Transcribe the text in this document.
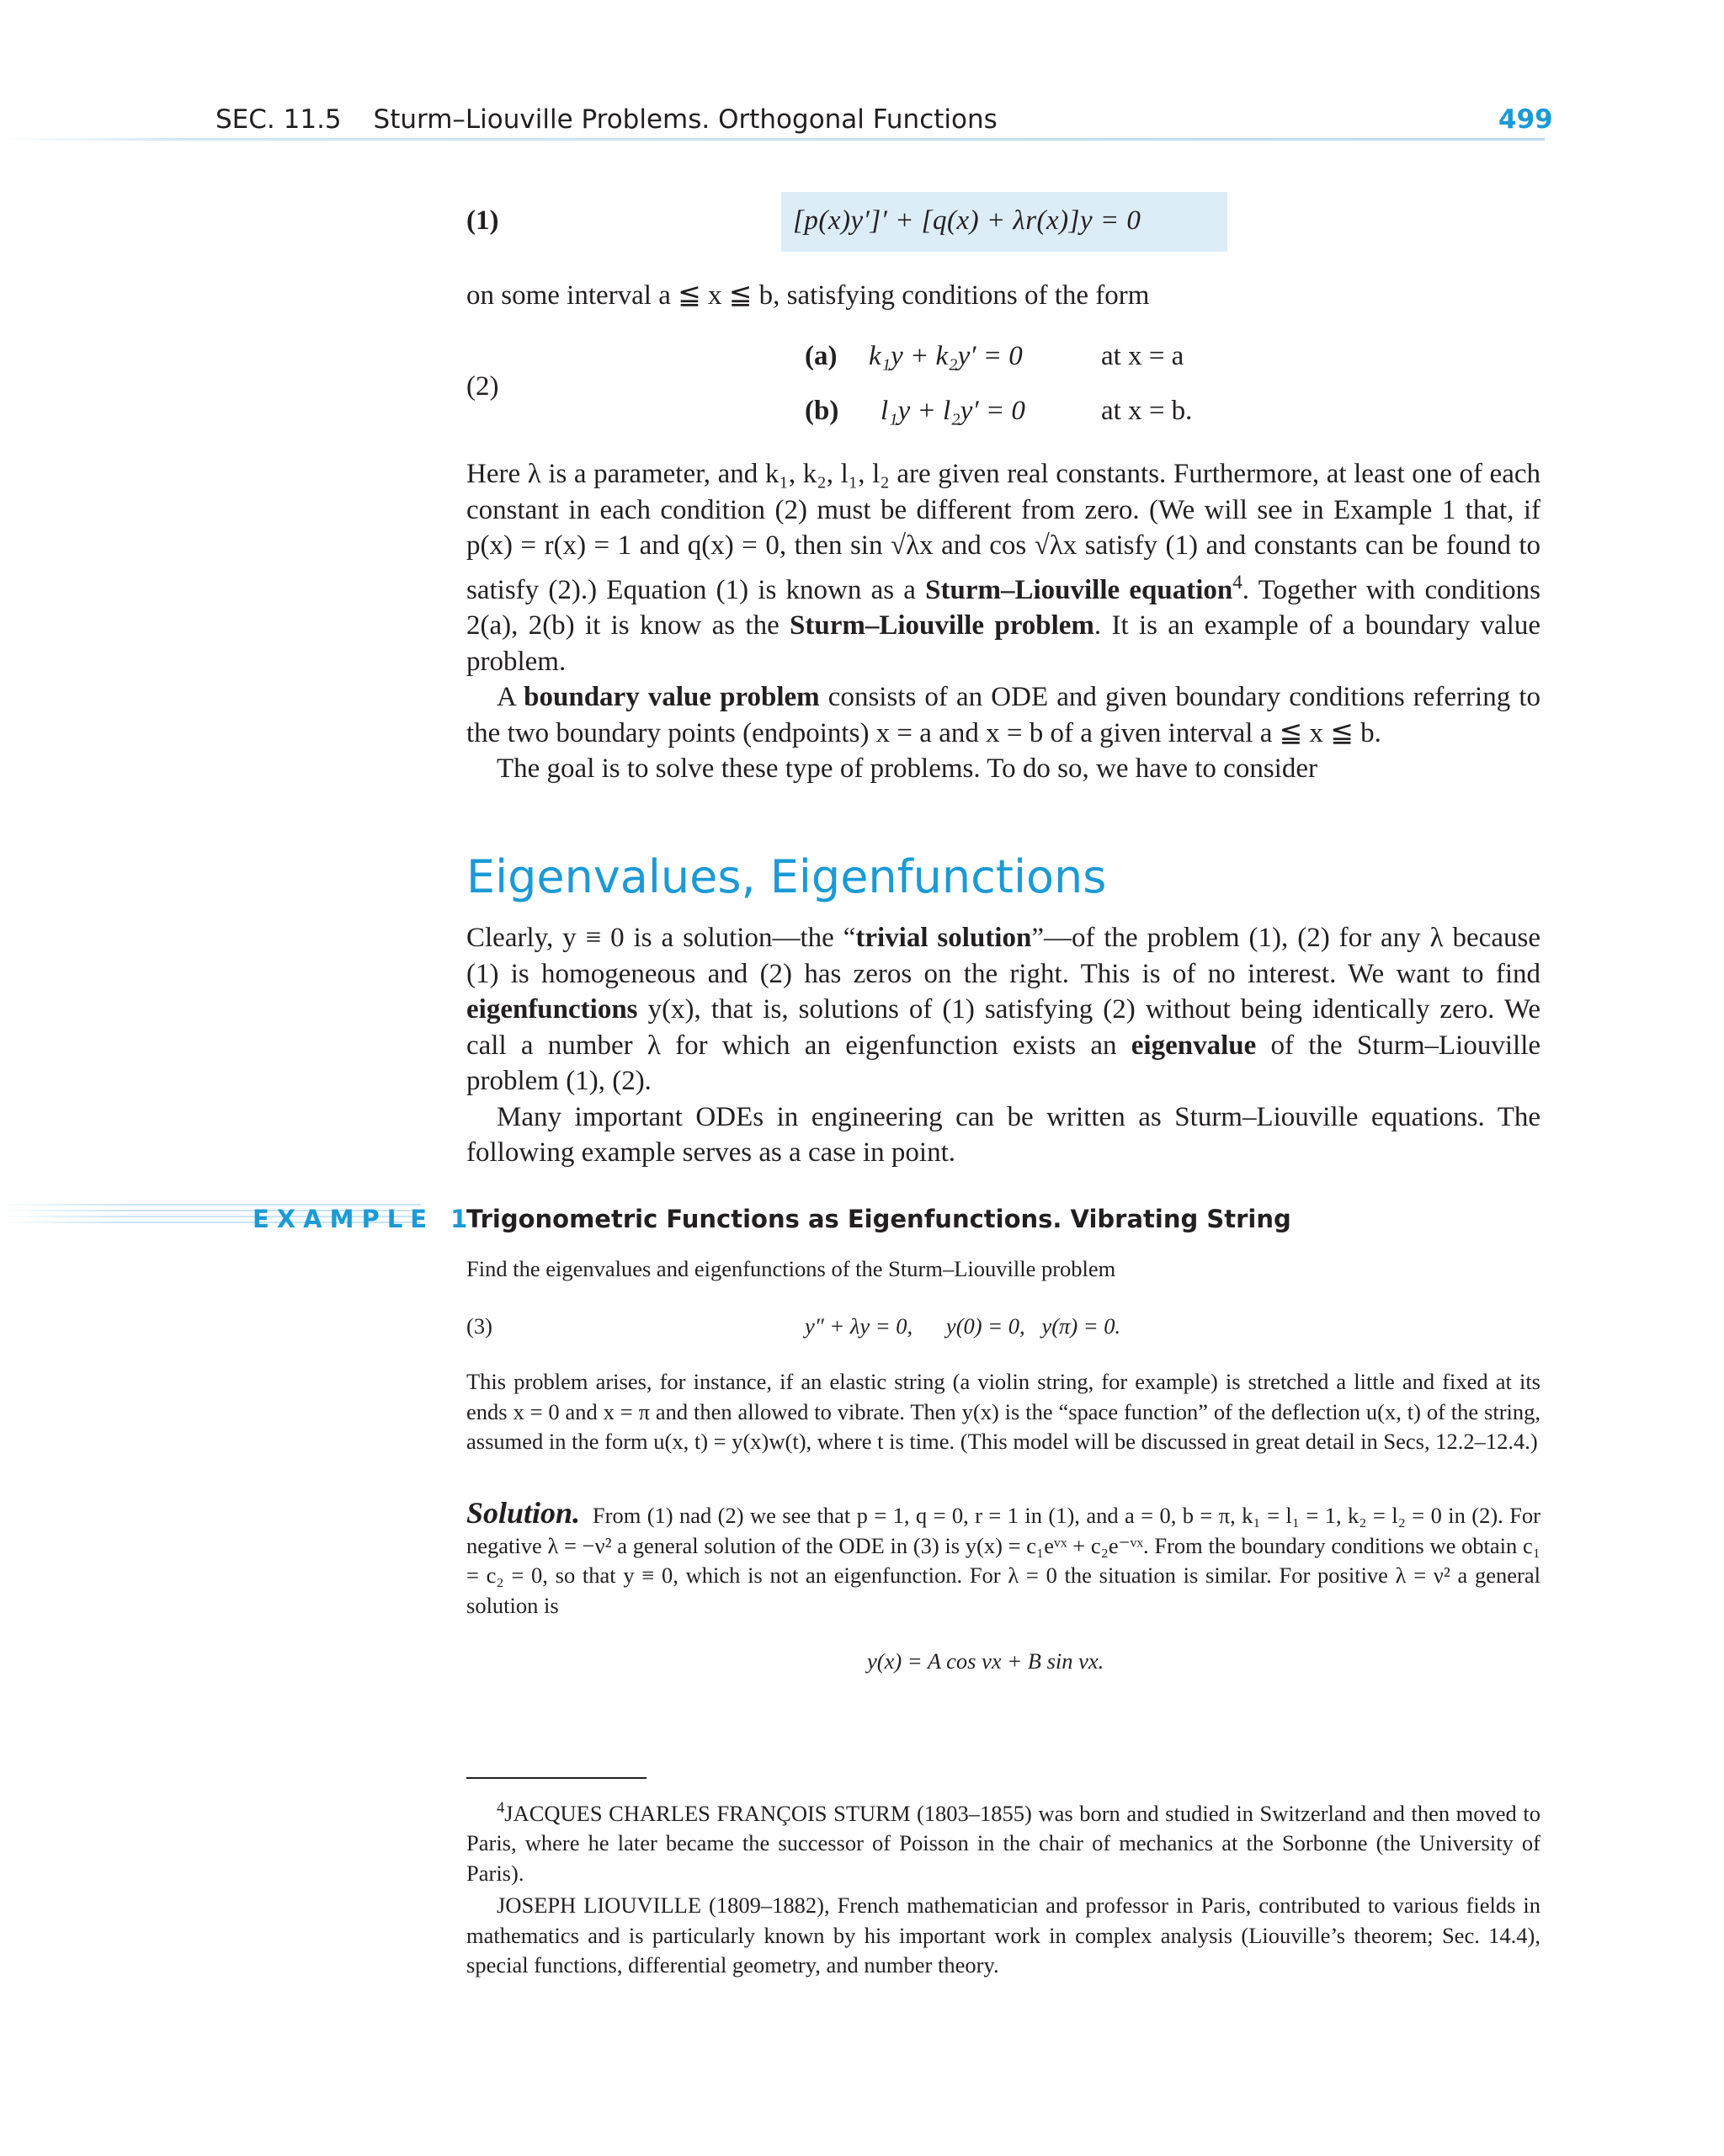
SEC. 11.5 Sturm–Liouville Problems. Orthogonal Functions	499
(1)	[p(x)y′]′ + [q(x) + λr(x)]y = 0
on some interval a ≦ x ≦ b, satisfying conditions of the form
(2)
(a) k₁y + k₂y′ = 0	at x = a
(b) l₁y + l₂y′ = 0	at x = b.

Here λ is a parameter, and k₁, k₂, l₁, l₂ are given real constants. Furthermore, at least one of each constant in each condition (2) must be different from zero. (We will see in Example 1 that, if p(x) = r(x) = 1 and q(x) = 0, then sin √λx and cos √λx satisfy (1) and constants can be found to satisfy (2).) Equation (1) is known as a Sturm–Liouville equation$^4$. Together with conditions 2(a), 2(b) it is know as the Sturm–Liouville problem. It is an example of a boundary value problem.

A boundary value problem consists of an ODE and given boundary conditions referring to the two boundary points (endpoints) x = a and x = b of a given interval a ≦ x ≦ b.

The goal is to solve these type of problems. To do so, we have to consider

Eigenvalues, Eigenfunctions

Clearly, y ≡ 0 is a solution—the “trivial solution”—of the problem (1), (2) for any λ because (1) is homogeneous and (2) has zeros on the right. This is of no interest. We want to find eigenfunctions y(x), that is, solutions of (1) satisfying (2) without being identically zero. We call a number λ for which an eigenfunction exists an eigenvalue of the Sturm–Liouville problem (1), (2).

Many important ODEs in engineering can be written as Sturm–Liouville equations. The following example serves as a case in point.

EXAMPLE 1
Trigonometric Functions as Eigenfunctions. Vibrating String
Find the eigenvalues and eigenfunctions of the Sturm–Liouville problem
(3)	y″ + λy = 0,      y(0) = 0,   y(π) = 0.
This problem arises, for instance, if an elastic string (a violin string, for example) is stretched a little and fixed at its ends x = 0 and x = π and then allowed to vibrate. Then y(x) is the “space function” of the deflection u(x, t) of the string, assumed in the form u(x, t) = y(x)w(t), where t is time. (This model will be discussed in great detail in Secs, 12.2–12.4.)

Solution. From (1) nad (2) we see that p = 1, q = 0, r = 1 in (1), and a = 0, b = π, k₁ = l₁ = 1, k₂ = l₂ = 0 in (2). For negative λ = −ν² a general solution of the ODE in (3) is y(x) = c₁eᵛˣ + c₂e⁻ᵛˣ. From the boundary conditions we obtain c₁ = c₂ = 0, so that y ≡ 0, which is not an eigenfunction. For λ = 0 the situation is similar. For positive λ = ν² a general solution is

y(x) = A cos νx + B sin νx.

$^4$JACQUES CHARLES FRANÇOIS STURM (1803–1855) was born and studied in Switzerland and then moved to Paris, where he later became the successor of Poisson in the chair of mechanics at the Sorbonne (the University of Paris).

JOSEPH LIOUVILLE (1809–1882), French mathematician and professor in Paris, contributed to various fields in mathematics and is particularly known by his important work in complex analysis (Liouville’s theorem; Sec. 14.4), special functions, differential geometry, and number theory.
